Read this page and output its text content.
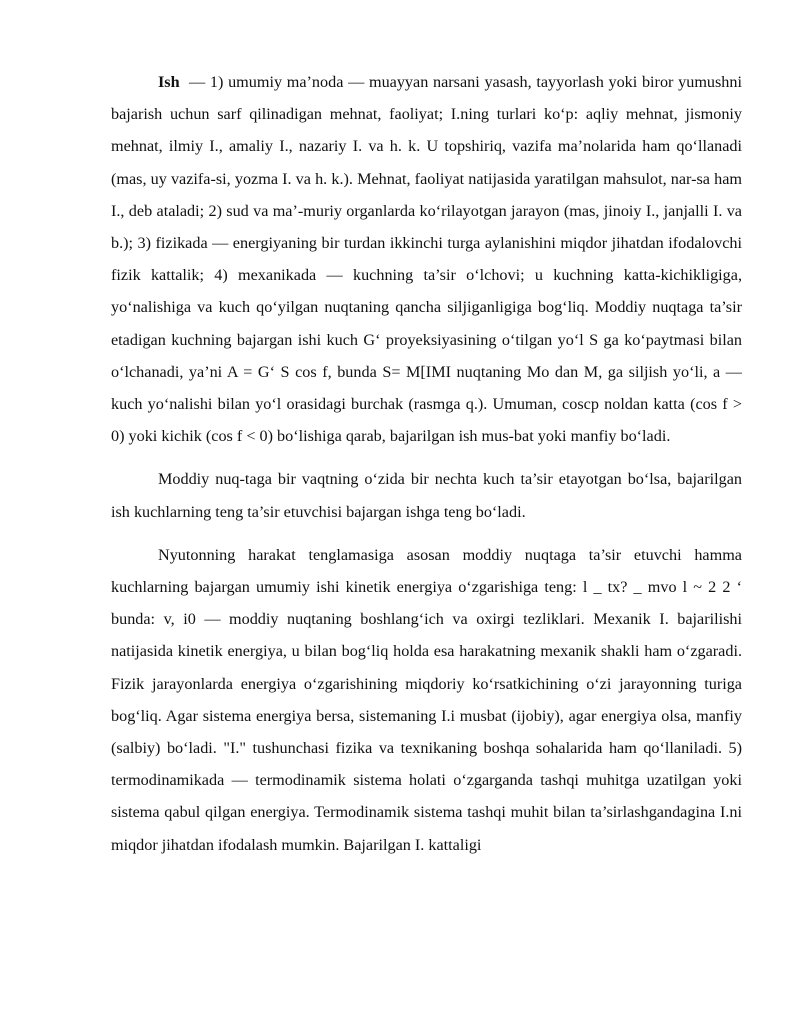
Ish — 1) umumiy ma’noda — muayyan narsani yasash, tayyorlash yoki biror yumushni bajarish uchun sarf qilinadigan mehnat, faoliyat; I.ning turlari ko‘p: aqliy mehnat, jismoniy mehnat, ilmiy I., amaliy I., nazariy I. va h. k. U topshiriq, vazifa ma’nolarida ham qo‘llanadi (mas, uy vazifa-si, yozma I. va h. k.). Mehnat, faoliyat natijasida yaratilgan mahsulot, nar-sa ham I., deb ataladi; 2) sud va ma’-muriy organlarda ko‘rilayotgan jarayon (mas, jinoiy I., janjalli I. va b.); 3) fizikada — energiyaning bir turdan ikkinchi turga aylanishini miqdor jihatdan ifodalovchi fizik kattalik; 4) mexanikada — kuchning ta’sir o‘lchovi; u kuchning katta-kichikligiga, yo‘nalishiga va kuch qo‘yilgan nuqtaning qancha siljiganligiga bog‘liq. Moddiy nuqtaga ta’sir etadigan kuchning bajargan ishi kuch G‘ proyeksiyasining o‘tilgan yo‘l S ga ko‘paytmasi bilan o‘lchanadi, ya’ni A = G‘ S cos f, bunda S= M[IMI nuqtaning Mo dan M, ga siljish yo‘li, a — kuch yo‘nalishi bilan yo‘l orasidagi burchak (rasmga q.). Umuman, coscp noldan katta (cos f > 0) yoki kichik (cos f < 0) bo‘lishiga qarab, bajarilgan ish mus-bat yoki manfiy bo‘ladi.

Moddiy nuq-taga bir vaqtning o‘zida bir nechta kuch ta’sir etayotgan bo‘lsa, bajarilgan ish kuchlarning teng ta’sir etuvchisi bajargan ishga teng bo‘ladi.

Nyutonning harakat tenglamasiga asosan moddiy nuqtaga ta’sir etuvchi hamma kuchlarning bajargan umumiy ishi kinetik energiya o‘zgarishiga teng: l _ tx? _ mvo l ~ 2 2 ‘ bunda: v, i0 — moddiy nuqtaning boshlang‘ich va oxirgi tezliklari. Mexanik I. bajarilishi natijasida kinetik energiya, u bilan bog‘liq holda esa harakatning mexanik shakli ham o‘zgaradi. Fizik jarayonlarda energiya o‘zgarishining miqdoriy ko‘rsatkichining o‘zi jarayonning turiga bog‘liq. Agar sistema energiya bersa, sistemaning I.i musbat (ijobiy), agar energiya olsa, manfiy (salbiy) bo‘ladi. "I." tushunchasi fizika va texnikaning boshqa sohalarida ham qo‘llaniladi. 5) termodinamikada — termodinamik sistema holati o‘zgarganda tashqi muhitga uzatilgan yoki sistema qabul qilgan energiya. Termodinamik sistema tashqi muhit bilan ta’sirlashgandagina I.ni miqdor jihatdan ifodalash mumkin. Bajarilgan I. kattaligi
